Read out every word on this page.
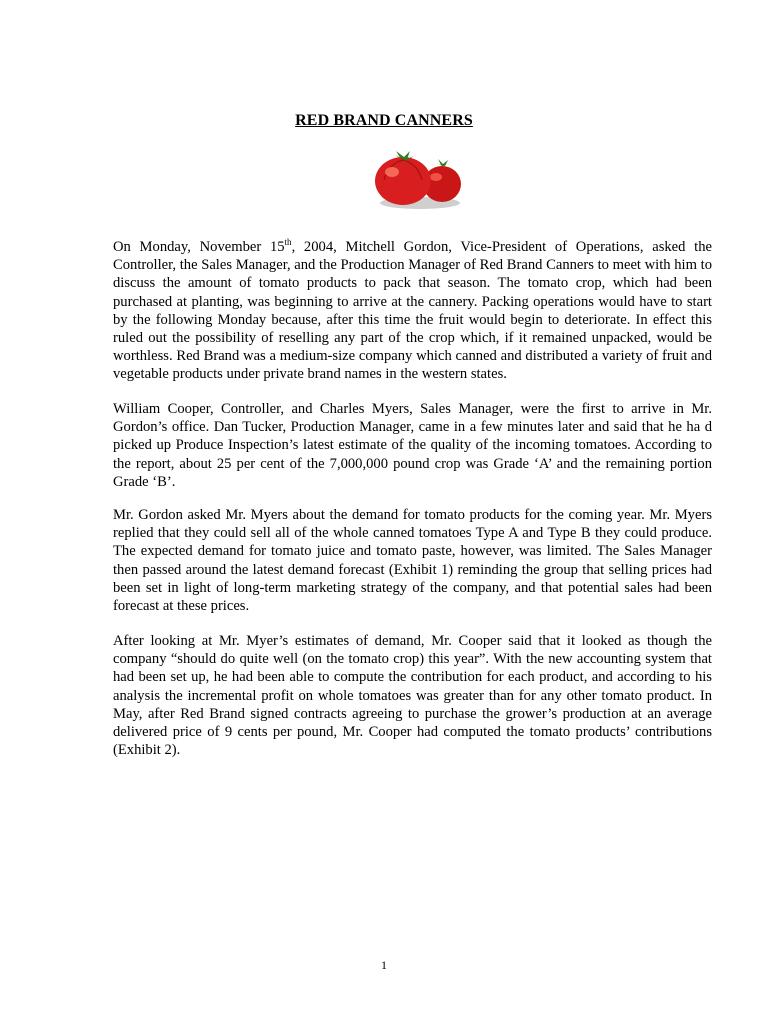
RED BRAND CANNERS

On Monday, November 15th, 2004, Mitchell Gordon, Vice-President of Operations, asked the Controller, the Sales Manager, and the Production Manager of Red Brand Canners to meet with him to discuss the amount of tomato products to pack that season. The tomato crop, which had been purchased at planting, was beginning to arrive at the cannery. Packing operations would have to start by the following Monday because, after this time the fruit would begin to deteriorate. In effect this ruled out the possibility of reselling any part of the crop which, if it remained unpacked, would be worthless. Red Brand was a medium-size company which canned and distributed a variety of fruit and vegetable products under private brand names in the western states.

William Cooper, Controller, and Charles Myers, Sales Manager, were the first to arrive in Mr. Gordon’s office. Dan Tucker, Production Manager, came in a few minutes later and said that he ha d picked up Produce Inspection’s latest estimate of the quality of the incoming tomatoes. According to the report, about 25 per cent of the 7,000,000 pound crop was Grade ‘A’ and the remaining portion Grade ‘B’.

Mr. Gordon asked Mr. Myers about the demand for tomato products for the coming year. Mr. Myers replied that they could sell all of the whole canned tomatoes Type A and Type B they could produce. The expected demand for tomato juice and tomato paste, however, was limited. The Sales Manager then passed around the latest demand forecast (Exhibit 1) reminding the group that selling prices had been set in light of long-term marketing strategy of the company, and that potential sales had been forecast at these prices.

After looking at Mr. Myer’s estimates of demand, Mr. Cooper said that it looked as though the company “should do quite well (on the tomato crop) this year”. With the new accounting system that had been set up, he had been able to compute the contribution for each product, and according to his analysis the incremental profit on whole tomatoes was greater than for any other tomato product. In May, after Red Brand signed contracts agreeing to purchase the grower’s production at an average delivered price of 9 cents per pound, Mr. Cooper had computed the tomato products’ contributions (Exhibit 2).

1
